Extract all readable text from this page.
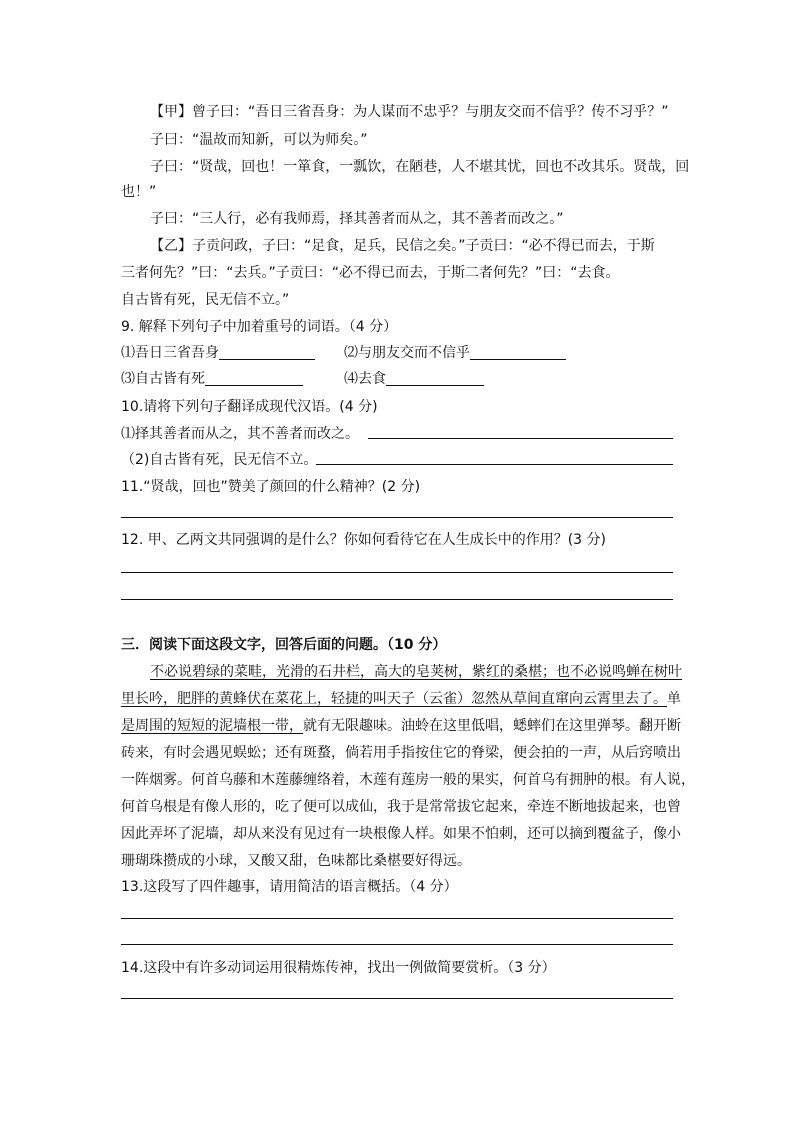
【甲】曾子曰：“吾日三省吾身：为人谋而不忠乎？与朋友交而不信乎？传不习乎？”
子曰：“温故而知新，可以为师矣。”
子曰：“贤哉，回也！一箪食，一瓢饮，在陋巷，人不堪其忧，回也不改其乐。贤哉，回
也！”
子曰：“三人行，必有我师焉，择其善者而从之，其不善者而改之。”
【乙】子贡问政，子曰：“足食，足兵，民信之矣。”子贡曰：“必不得已而去，于斯
三者何先？”曰：“去兵。”子贡曰：“必不得已而去，于斯二者何先？”曰：“去食。
自古皆有死，民无信不立。”
9. 解释下列句子中加着重号的词语。（4 分）
⑴吾日三省吾身	⑵与朋友交而不信乎
⑶自古皆有死	⑷去食
10.请将下列句子翻译成现代汉语。(4 分)
⑴择其善者而从之，其不善者而改之。
（2)自古皆有死，民无信不立。
11.“贤哉，回也”赞美了颜回的什么精神？(2 分)
12. 甲、乙两文共同强调的是什么？你如何看待它在人生成长中的作用？(3 分)
三．阅读下面这段文字，回答后面的问题。（10 分）
不必说碧绿的菜畦，光滑的石井栏，高大的皂荚树，紫红的桑椹；也不必说鸣蝉在树叶
里长吟，肥胖的黄蜂伏在菜花上，轻捷的叫天子（云雀）忽然从草间直窜向云霄里去了。单
是周围的短短的泥墙根一带，就有无限趣味。油蛉在这里低唱，蟋蟀们在这里弹琴。翻开断
砖来，有时会遇见蜈蚣；还有斑蝥，倘若用手指按住它的脊梁，便会拍的一声，从后窍喷出
一阵烟雾。何首乌藤和木莲藤缠络着，木莲有莲房一般的果实，何首乌有拥肿的根。有人说，
何首乌根是有像人形的，吃了便可以成仙，我于是常常拔它起来，牵连不断地拔起来，也曾
因此弄坏了泥墙，却从来没有见过有一块根像人样。如果不怕刺，还可以摘到覆盆子，像小
珊瑚珠攒成的小球，又酸又甜，色味都比桑椹要好得远。
13.这段写了四件趣事，请用简洁的语言概括。（4 分）
14.这段中有许多动词运用很精炼传神，找出一例做简要赏析。（3 分）
